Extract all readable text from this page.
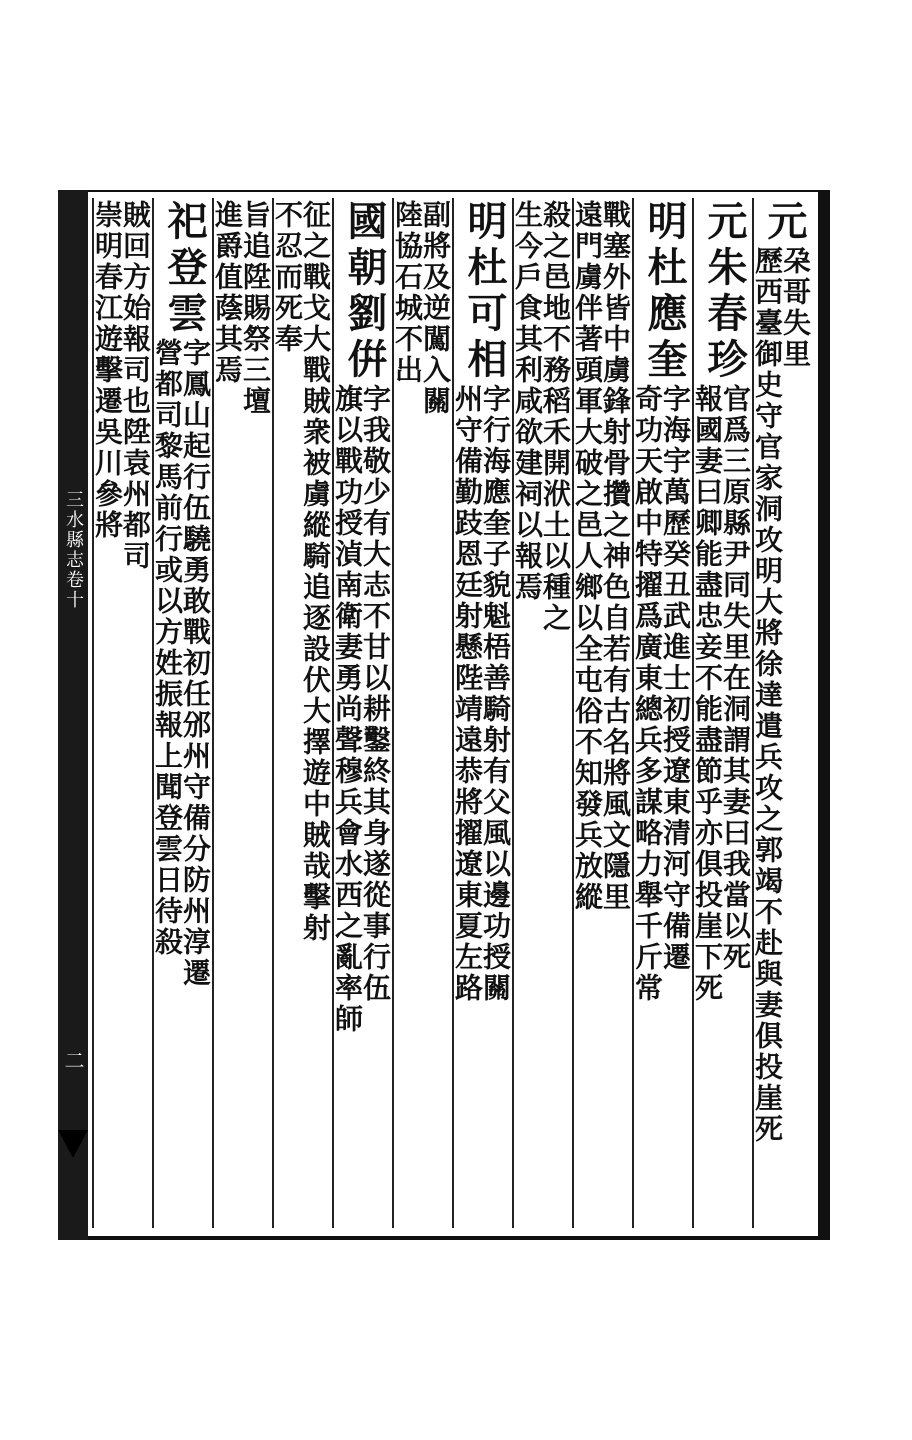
三水縣志卷十
二
元
朶哥失里
歷西臺御史守官家洞攻明大將徐達遣兵攻之郭竭不赴與妻俱投崖死
元朱春珍
官爲三原縣尹同失里在洞謂其妻曰我當以死
報國妻曰卿能盡忠妾不能盡節乎亦俱投崖下死
明杜應奎
字海宇萬歷癸丑武進士初授遼東清河守備遷
奇功天啟中特擢爲廣東總兵多謀略力舉千斤常
戰塞外皆中虜鋒射骨攢之神色自若有古名將風文隱里
遠門虜伴著頭軍大破之邑人鄉以全屯俗不知發兵放縱
殺之邑地不務稻禾開洑土以種之
生今戶食其利咸欲建祠以報焉
明杜可相
字行海應奎子貌魁梧善騎射有父風以邊功授關
州守備勤跂恩廷射懸陛靖遠恭將擢遼東夏左路
副將及逆闖入關
陸協石城不出
國朝劉倂
字我敬少有大志不甘以耕鑿終其身遂從事行伍
旗以戰功授湞南衛妻勇尚聲穆兵會水西之亂率師
征之戰戈大戰賊衆被虜縱騎追逐設伏大擇遊中賊哉擊射
不忍而死奉
旨追陞賜祭三壇
進爵值蔭其焉
祀登雲
字鳳山起行伍驍勇敢戰初任邠州守備分防州淳遷
營都司黎馬前行或以方姓振報上聞登雲日待殺
賊回方始報司也陞袁州都司
崇明春江遊擊遷吳川參將
